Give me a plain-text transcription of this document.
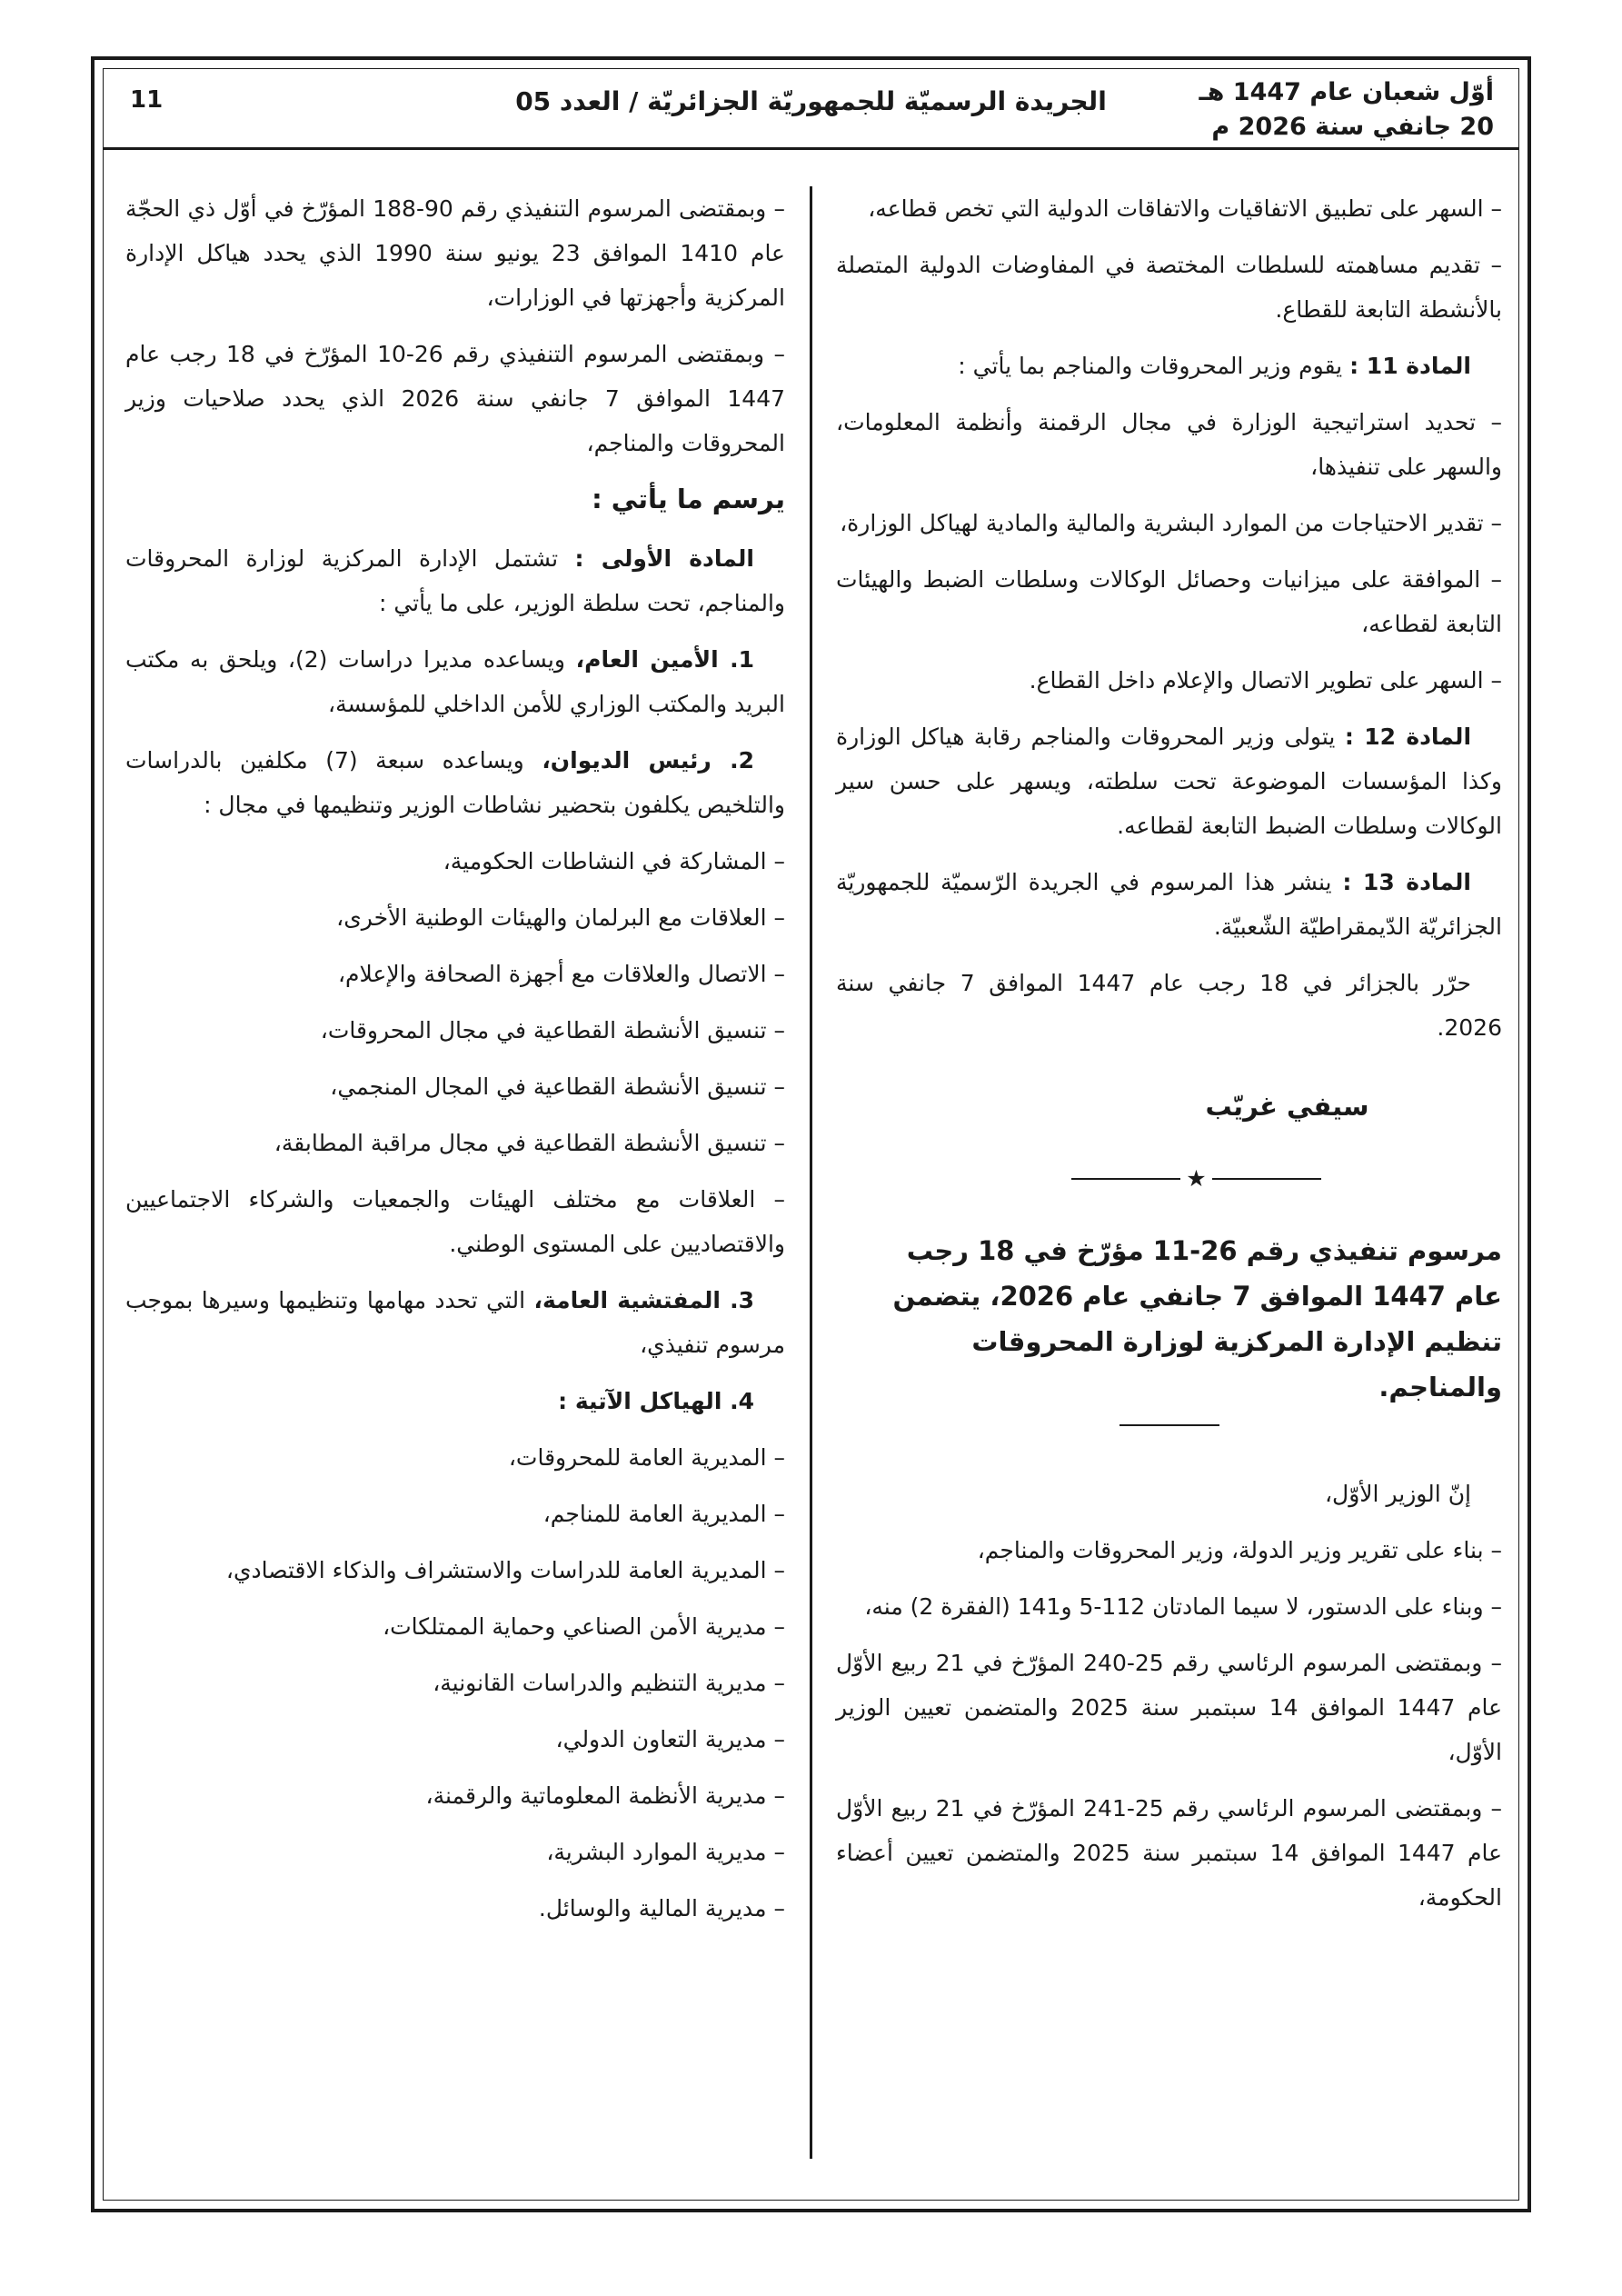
أوّل شعبان عام 1447 هـ
20 جانفي سنة 2026 م
الجريدة الرسميّة للجمهوريّة الجزائريّة / العدد 05
11

– السهر على تطبيق الاتفاقيات والاتفاقات الدولية التي تخص قطاعه،

– تقديم مساهمته للسلطات المختصة في المفاوضات الدولية المتصلة بالأنشطة التابعة للقطاع.

المادة 11 : يقوم وزير المحروقات والمناجم بما يأتي :

– تحديد استراتيجية الوزارة في مجال الرقمنة وأنظمة المعلومات، والسهر على تنفيذها،

– تقدير الاحتياجات من الموارد البشرية والمالية والمادية لهياكل الوزارة،

– الموافقة على ميزانيات وحصائل الوكالات وسلطات الضبط والهيئات التابعة لقطاعه،

– السهر على تطوير الاتصال والإعلام داخل القطاع.

المادة 12 : يتولى وزير المحروقات والمناجم رقابة هياكل الوزارة وكذا المؤسسات الموضوعة تحت سلطته، ويسهر على حسن سير الوكالات وسلطات الضبط التابعة لقطاعه.

المادة 13 : ينشر هذا المرسوم في الجريدة الرّسميّة للجمهوريّة الجزائريّة الدّيمقراطيّة الشّعبيّة.

حرّر بالجزائر في 18 رجب عام 1447 الموافق 7 جانفي سنة 2026.

سيفي غريّب
★
مرسوم تنفيذي رقم 26-11 مؤرّخ في 18 رجب عام 1447 الموافق 7 جانفي عام 2026، يتضمن تنظيم الإدارة المركزية لوزارة المحروقات والمناجم.

إنّ الوزير الأوّل،

– بناء على تقرير وزير الدولة، وزير المحروقات والمناجم،

– وبناء على الدستور، لا سيما المادتان 112-5 و141 (الفقرة 2) منه،

– وبمقتضى المرسوم الرئاسي رقم 25-240 المؤرّخ في 21 ربيع الأوّل عام 1447 الموافق 14 سبتمبر سنة 2025 والمتضمن تعيين الوزير الأوّل،

– وبمقتضى المرسوم الرئاسي رقم 25-241 المؤرّخ في 21 ربيع الأوّل عام 1447 الموافق 14 سبتمبر سنة 2025 والمتضمن تعيين أعضاء الحكومة،

– وبمقتضى المرسوم التنفيذي رقم 90-188 المؤرّخ في أوّل ذي الحجّة عام 1410 الموافق 23 يونيو سنة 1990 الذي يحدد هياكل الإدارة المركزية وأجهزتها في الوزارات،

– وبمقتضى المرسوم التنفيذي رقم 26-10 المؤرّخ في 18 رجب عام 1447 الموافق 7 جانفي سنة 2026 الذي يحدد صلاحيات وزير المحروقات والمناجم،

يرسم ما يأتي :

المادة الأولى : تشتمل الإدارة المركزية لوزارة المحروقات والمناجم، تحت سلطة الوزير، على ما يأتي :

1. الأمين العام، ويساعده مديرا دراسات (2)، ويلحق به مكتب البريد والمكتب الوزاري للأمن الداخلي للمؤسسة،

2. رئيس الديوان، ويساعده سبعة (7) مكلفين بالدراسات والتلخيص يكلفون بتحضير نشاطات الوزير وتنظيمها في مجال :

– المشاركة في النشاطات الحكومية،

– العلاقات مع البرلمان والهيئات الوطنية الأخرى،

– الاتصال والعلاقات مع أجهزة الصحافة والإعلام،

– تنسيق الأنشطة القطاعية في مجال المحروقات،

– تنسيق الأنشطة القطاعية في المجال المنجمي،

– تنسيق الأنشطة القطاعية في مجال مراقبة المطابقة،

– العلاقات مع مختلف الهيئات والجمعيات والشركاء الاجتماعيين والاقتصاديين على المستوى الوطني.

3. المفتشية العامة، التي تحدد مهامها وتنظيمها وسيرها بموجب مرسوم تنفيذي،

4. الهياكل الآتية :

– المديرية العامة للمحروقات،

– المديرية العامة للمناجم،

– المديرية العامة للدراسات والاستشراف والذكاء الاقتصادي،

– مديرية الأمن الصناعي وحماية الممتلكات،

– مديرية التنظيم والدراسات القانونية،

– مديرية التعاون الدولي،

– مديرية الأنظمة المعلوماتية والرقمنة،

– مديرية الموارد البشرية،

– مديرية المالية والوسائل.
